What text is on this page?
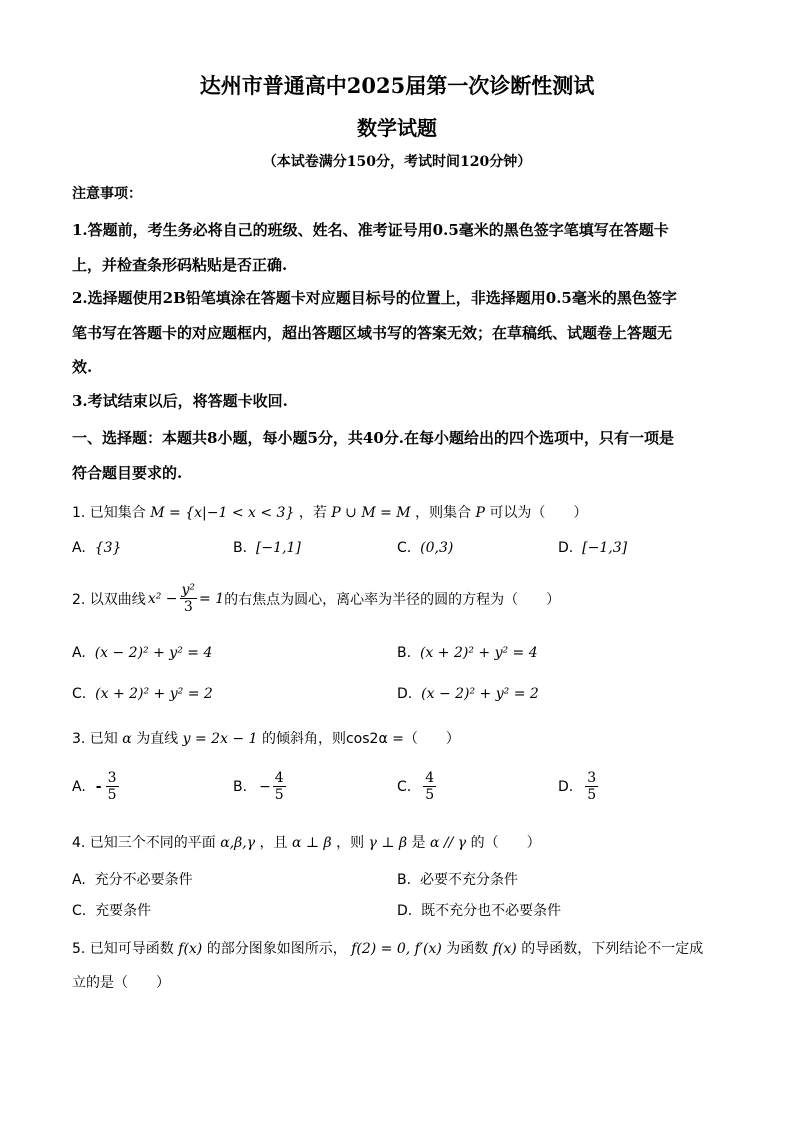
达州市普通高中2025届第一次诊断性测试
数学试题
（本试卷满分150分，考试时间120分钟）
注意事项：
1.答题前，考生务必将自己的班级、姓名、准考证号用0.5毫米的黑色签字笔填写在答题卡
上，并检查条形码粘贴是否正确.
2.选择题使用2B铅笔填涂在答题卡对应题目标号的位置上，非选择题用0.5毫米的黑色签字
笔书写在答题卡的对应题框内，超出答题区域书写的答案无效；在草稿纸、试题卷上答题无
效.
3.考试结束以后，将答题卡收回.
一、选择题：本题共8小题，每小题5分，共40分.在每小题给出的四个选项中，只有一项是
符合题目要求的.
1. 已知集合 M = {x|−1 < x < 3} ，若 P ∪ M = M ，则集合 P 可以为（　　）
A. {3}	B. [−1,1]	C. (0,3)	D. [−1,3]
2. 以双曲线 $x^2 - \frac{\text{y²}}{3} = 1$ 的右焦点为圆心，离心率为半径的圆的方程为（　　）
A. (x − 2)² + y² = 4	B. (x + 2)² + y² = 4
C. (x + 2)² + y² = 2	D. (x − 2)² + y² = 2
3. 已知 α 为直线 y = 2x − 1 的倾斜角，则cos2α =（　　）
A. - $\frac{3}{5}$	B. − $\frac{4}{5}$	C. $\frac{4}{5}$	D. $\frac{3}{5}$
4. 已知三个不同的平面 α,β,γ ，且 α ⊥ β ，则 γ ⊥ β 是 α // γ 的（　　）
A. 充分不必要条件	B. 必要不充分条件
C. 充要条件	D. 既不充分也不必要条件
5. 已知可导函数 f(x) 的部分图象如图所示， f(2) = 0, f′(x) 为函数 f(x) 的导函数，下列结论不一定成
立的是（　　）
